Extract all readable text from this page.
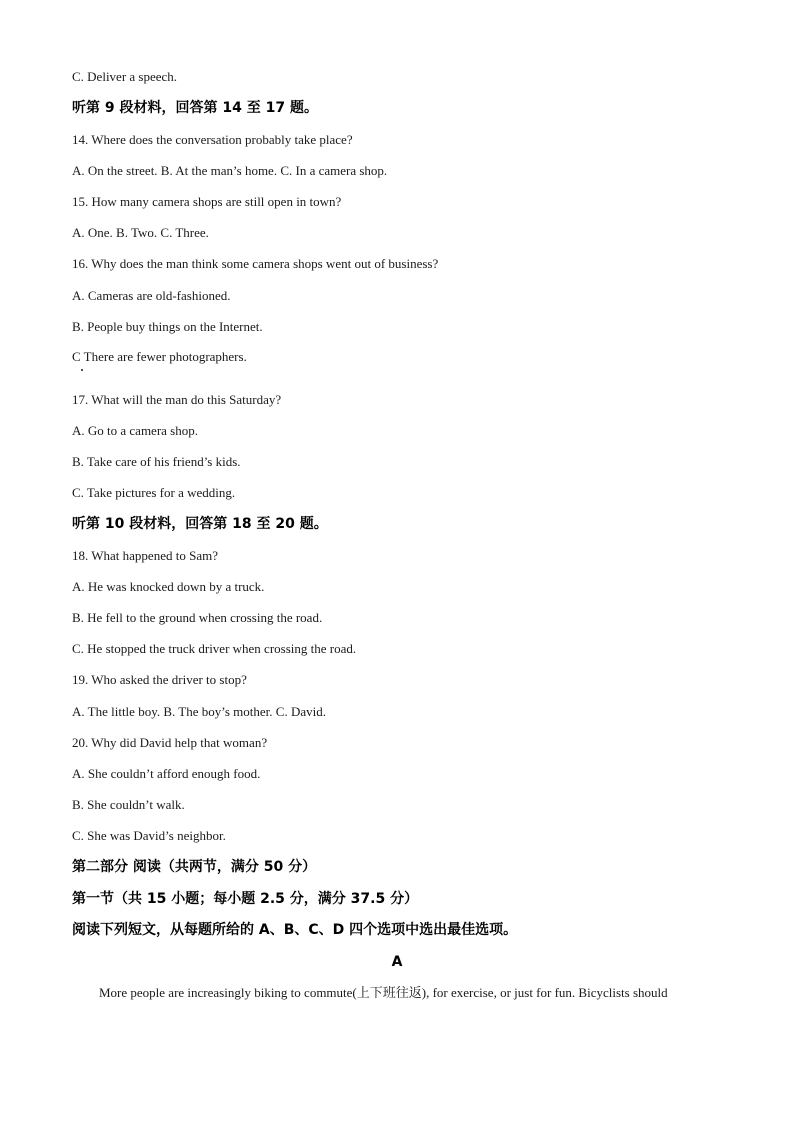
C. Deliver a speech.
听第 9 段材料，回答第 14 至 17 题。
14. Where does the conversation probably take place?
A. On the street. B. At the man’s home. C. In a camera shop.
15. How many camera shops are still open in town?
A. One. B. Two. C. Three.
16. Why does the man think some camera shops went out of business?
A. Cameras are old-fashioned.
B. People buy things on the Internet.
C There are fewer photographers.
17. What will the man do this Saturday?
A. Go to a camera shop.
B. Take care of his friend’s kids.
C. Take pictures for a wedding.
听第 10 段材料，回答第 18 至 20 题。
18. What happened to Sam?
A. He was knocked down by a truck.
B. He fell to the ground when crossing the road.
C. He stopped the truck driver when crossing the road.
19. Who asked the driver to stop?
A. The little boy. B. The boy’s mother. C. David.
20. Why did David help that woman?
A. She couldn’t afford enough food.
B. She couldn’t walk.
C. She was David’s neighbor.
第二部分 阅读（共两节，满分 50 分）
第一节（共 15 小题；每小题 2.5 分，满分 37.5 分）
阅读下列短文，从每题所给的 A、B、C、D 四个选项中选出最佳选项。
A
More people are increasingly biking to commute(上下班往返), for exercise, or just for fun. Bicyclists should
